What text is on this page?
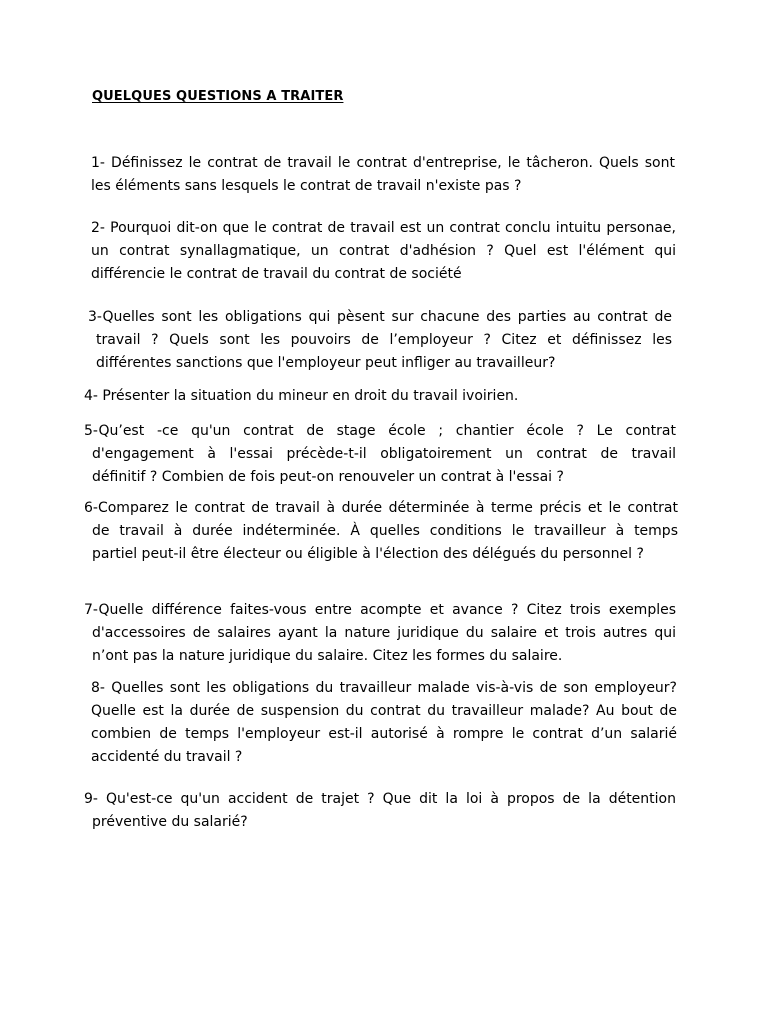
QUELQUES QUESTIONS A TRAITER
1- Définissez le contrat de travail le contrat d'entreprise, le tâcheron. Quels sont
les éléments sans lesquels le contrat de travail n'existe pas ?
2- Pourquoi dit-on que le contrat de travail est un contrat conclu intuitu personae,
un contrat synallagmatique, un contrat d'adhésion ? Quel est l'élément qui
différencie le contrat de travail du contrat de société
3-Quelles sont les obligations qui pèsent sur chacune des parties au contrat de
travail ? Quels sont les pouvoirs de l’employeur ? Citez et définissez les
différentes sanctions que l'employeur peut infliger au travailleur?
4- Présenter la situation du mineur en droit du travail ivoirien.
5-Qu’est -ce qu'un contrat de stage école ; chantier école ? Le contrat
d'engagement à l'essai précède-t-il obligatoirement un contrat de travail
définitif ? Combien de fois peut-on renouveler un contrat à l'essai ?
6-Comparez le contrat de travail à durée déterminée à terme précis et le contrat
de travail à durée indéterminée. À quelles conditions le travailleur à temps
partiel peut-il être électeur ou éligible à l'élection des délégués du personnel ?
7-Quelle différence faites-vous entre acompte et avance ? Citez trois exemples
d'accessoires de salaires ayant la nature juridique du salaire et trois autres qui
n’ont pas la nature juridique du salaire. Citez les formes du salaire.
8- Quelles sont les obligations du travailleur malade vis-à-vis de son employeur?
Quelle est la durée de suspension du contrat du travailleur malade? Au bout de
combien de temps l'employeur est-il autorisé à rompre le contrat d’un salarié
accidenté du travail ?
9- Qu'est-ce qu'un accident de trajet ? Que dit la loi à propos de la détention
préventive du salarié?
